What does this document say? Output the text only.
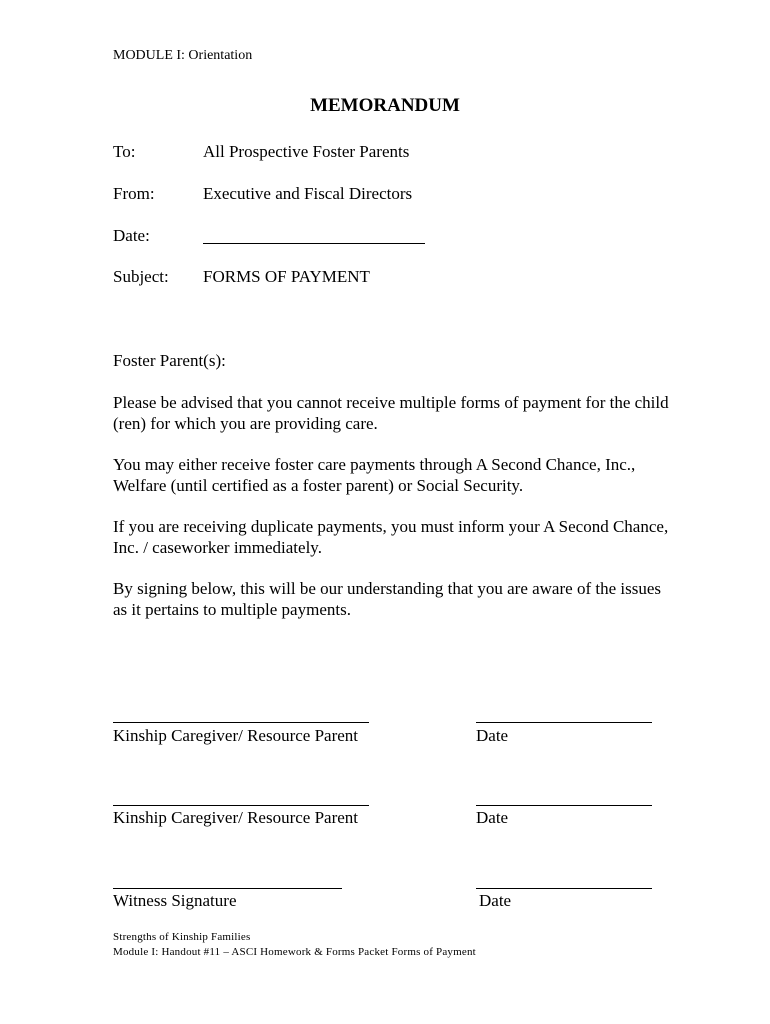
MODULE I: Orientation
MEMORANDUM
To:	All Prospective Foster Parents
From:	Executive and Fiscal Directors
Date:
Subject: FORMS OF PAYMENT
Foster Parent(s):
Please be advised that you cannot receive multiple forms of payment for the child (ren) for which you are providing care.
You may either receive foster care payments through A Second Chance, Inc., Welfare (until certified as a foster parent) or Social Security.
If you are receiving duplicate payments, you must inform your A Second Chance, Inc. / caseworker immediately.
By signing below, this will be our understanding that you are aware of the issues as it pertains to multiple payments.
Kinship Caregiver/ Resource Parent	Date
Kinship Caregiver/ Resource Parent	Date
Witness Signature	Date
Strengths of Kinship Families
Module I: Handout #11 – ASCI Homework & Forms Packet Forms of Payment
